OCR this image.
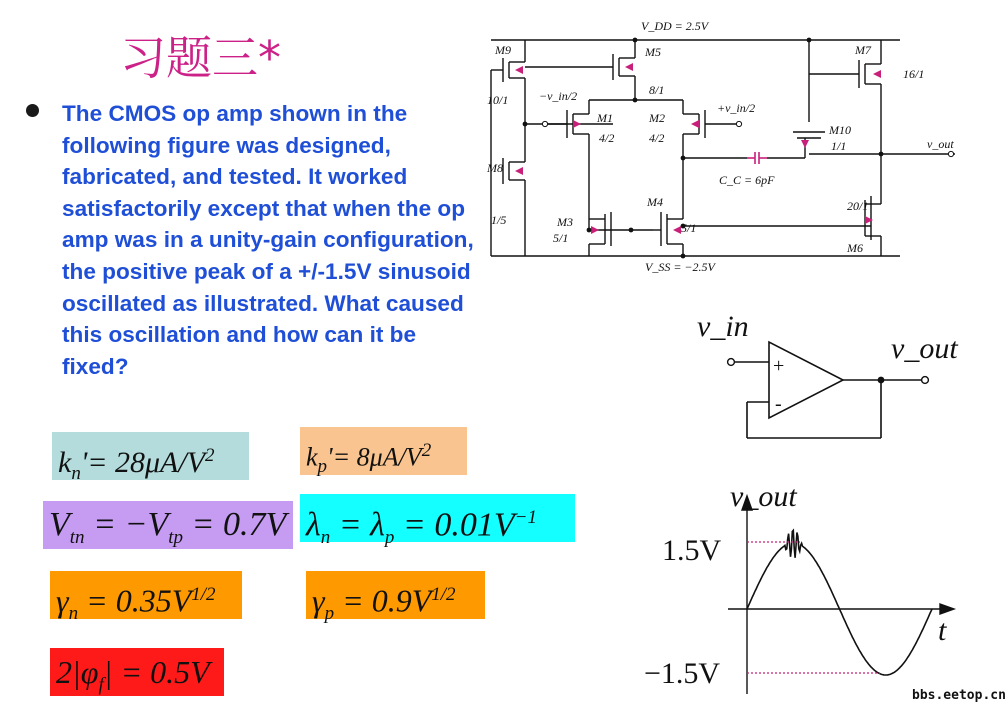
习题三*
The CMOS op amp shown in the following figure was designed, fabricated, and tested. It worked satisfactorily except that when the op amp was in a unity-gain configuration, the positive peak of a +/-1.5V sinusoid oscillated as illustrated. What caused this oscillation and how can it be fixed?
$k_n'= 28\mu A/V^2$	$k_p'= 8\mu A/V^2$
$V_{tn} = -V_{tp} = 0.7V$ $\lambda_n = \lambda_p = 0.01V^{-1}$
$\gamma_n = 0.35V^{1/2}$	$\gamma_p = 0.9V^{1/2}$
$2|\varphi_f| = 0.5V$
V_DD = 2.5V
V_SS = −2.5V
M9
10/1
M5
8/1
M7
16/1
−v_in/2
+v_in/2
M1
4/2
M2
4/2
M10
1/1	v_out
M8
1/5
C_C = 6pF
M4
5/1
M3
5/1
20/1
M6
v_in
v_out
+
-
v_out
t
1.5V
−1.5V
bbs.eetop.cn
